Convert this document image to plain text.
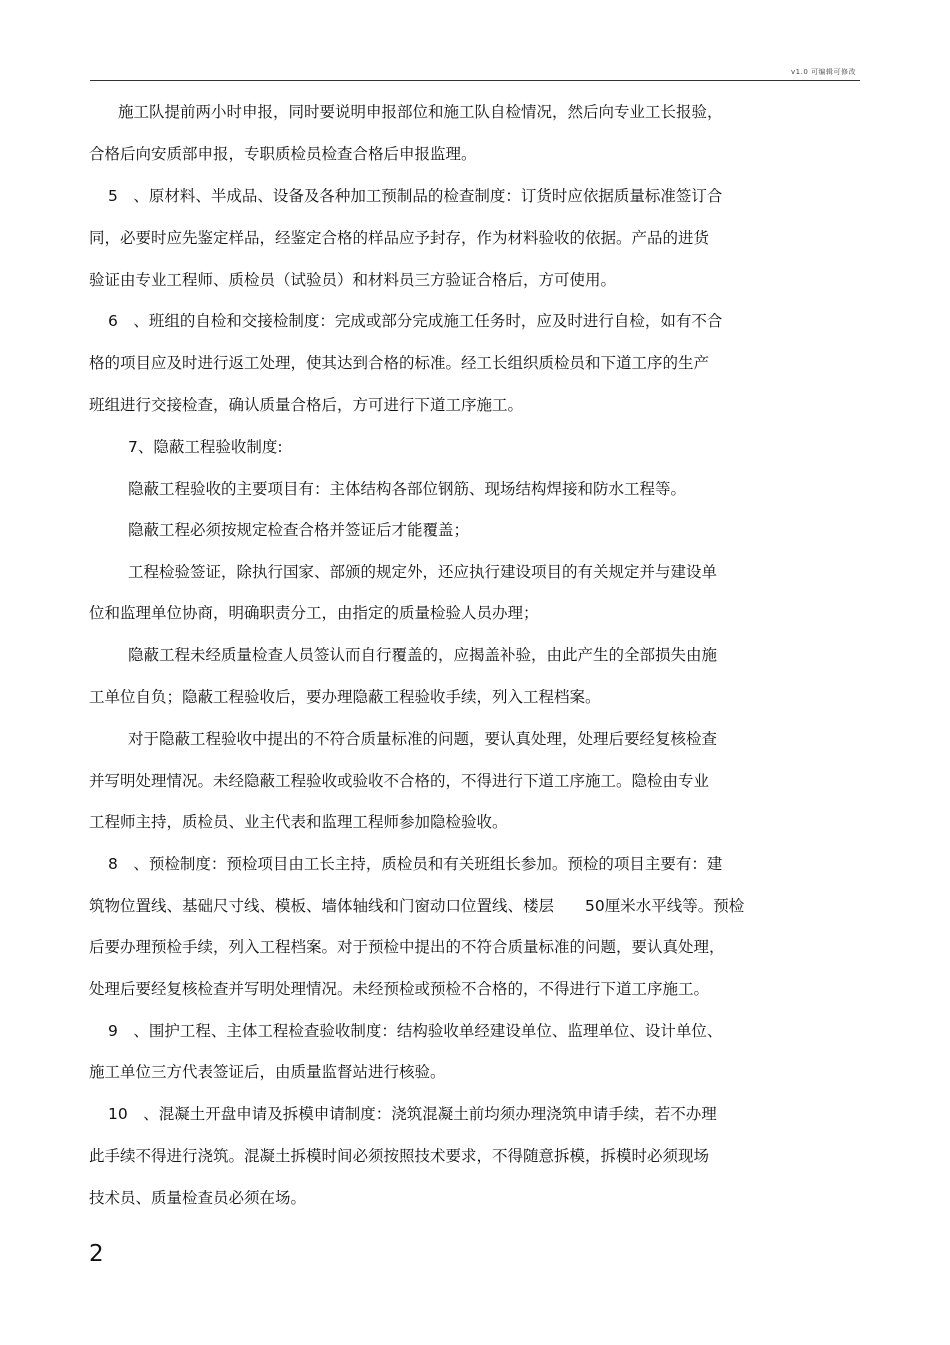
v1.0 可编辑可修改
施工队提前两小时申报，同时要说明申报部位和施工队自检情况，然后向专业工长报验，
合格后向安质部申报，专职质检员检查合格后申报监理。
5　、原材料、半成品、设备及各种加工预制品的检查制度：订货时应依据质量标准签订合
同，必要时应先鉴定样品，经鉴定合格的样品应予封存，作为材料验收的依据。产品的进货
验证由专业工程师、质检员（试验员）和材料员三方验证合格后，方可使用。
6　、班组的自检和交接检制度：完成或部分完成施工任务时，应及时进行自检，如有不合
格的项目应及时进行返工处理，使其达到合格的标准。经工长组织质检员和下道工序的生产
班组进行交接检查，确认质量合格后，方可进行下道工序施工。
7、隐蔽工程验收制度:
隐蔽工程验收的主要项目有：主体结构各部位钢筋、现场结构焊接和防水工程等。
隐蔽工程必须按规定检查合格并签证后才能覆盖；
工程检验签证，除执行国家、部颁的规定外，还应执行建设项目的有关规定并与建设单
位和监理单位协商，明确职责分工，由指定的质量检验人员办理；
隐蔽工程未经质量检查人员签认而自行覆盖的，应揭盖补验，由此产生的全部损失由施
工单位自负；隐蔽工程验收后，要办理隐蔽工程验收手续，列入工程档案。
对于隐蔽工程验收中提出的不符合质量标准的问题，要认真处理，处理后要经复核检查
并写明处理情况。未经隐蔽工程验收或验收不合格的，不得进行下道工序施工。隐检由专业
工程师主持，质检员、业主代表和监理工程师参加隐检验收。
8　、预检制度：预检项目由工长主持，质检员和有关班组长参加。预检的项目主要有：建
筑物位置线、基础尺寸线、模板、墙体轴线和门窗动口位置线、楼层　　50厘米水平线等。预检
后要办理预检手续，列入工程档案。对于预检中提出的不符合质量标准的问题，要认真处理，
处理后要经复核检查并写明处理情况。未经预检或预检不合格的，不得进行下道工序施工。
9　、围护工程、主体工程检查验收制度：结构验收单经建设单位、监理单位、设计单位、
施工单位三方代表签证后，由质量监督站进行核验。
10　、混凝土开盘申请及拆模申请制度：浇筑混凝土前均须办理浇筑申请手续，若不办理
此手续不得进行浇筑。混凝土拆模时间必须按照技术要求，不得随意拆模，拆模时必须现场
技术员、质量检查员必须在场。
2
